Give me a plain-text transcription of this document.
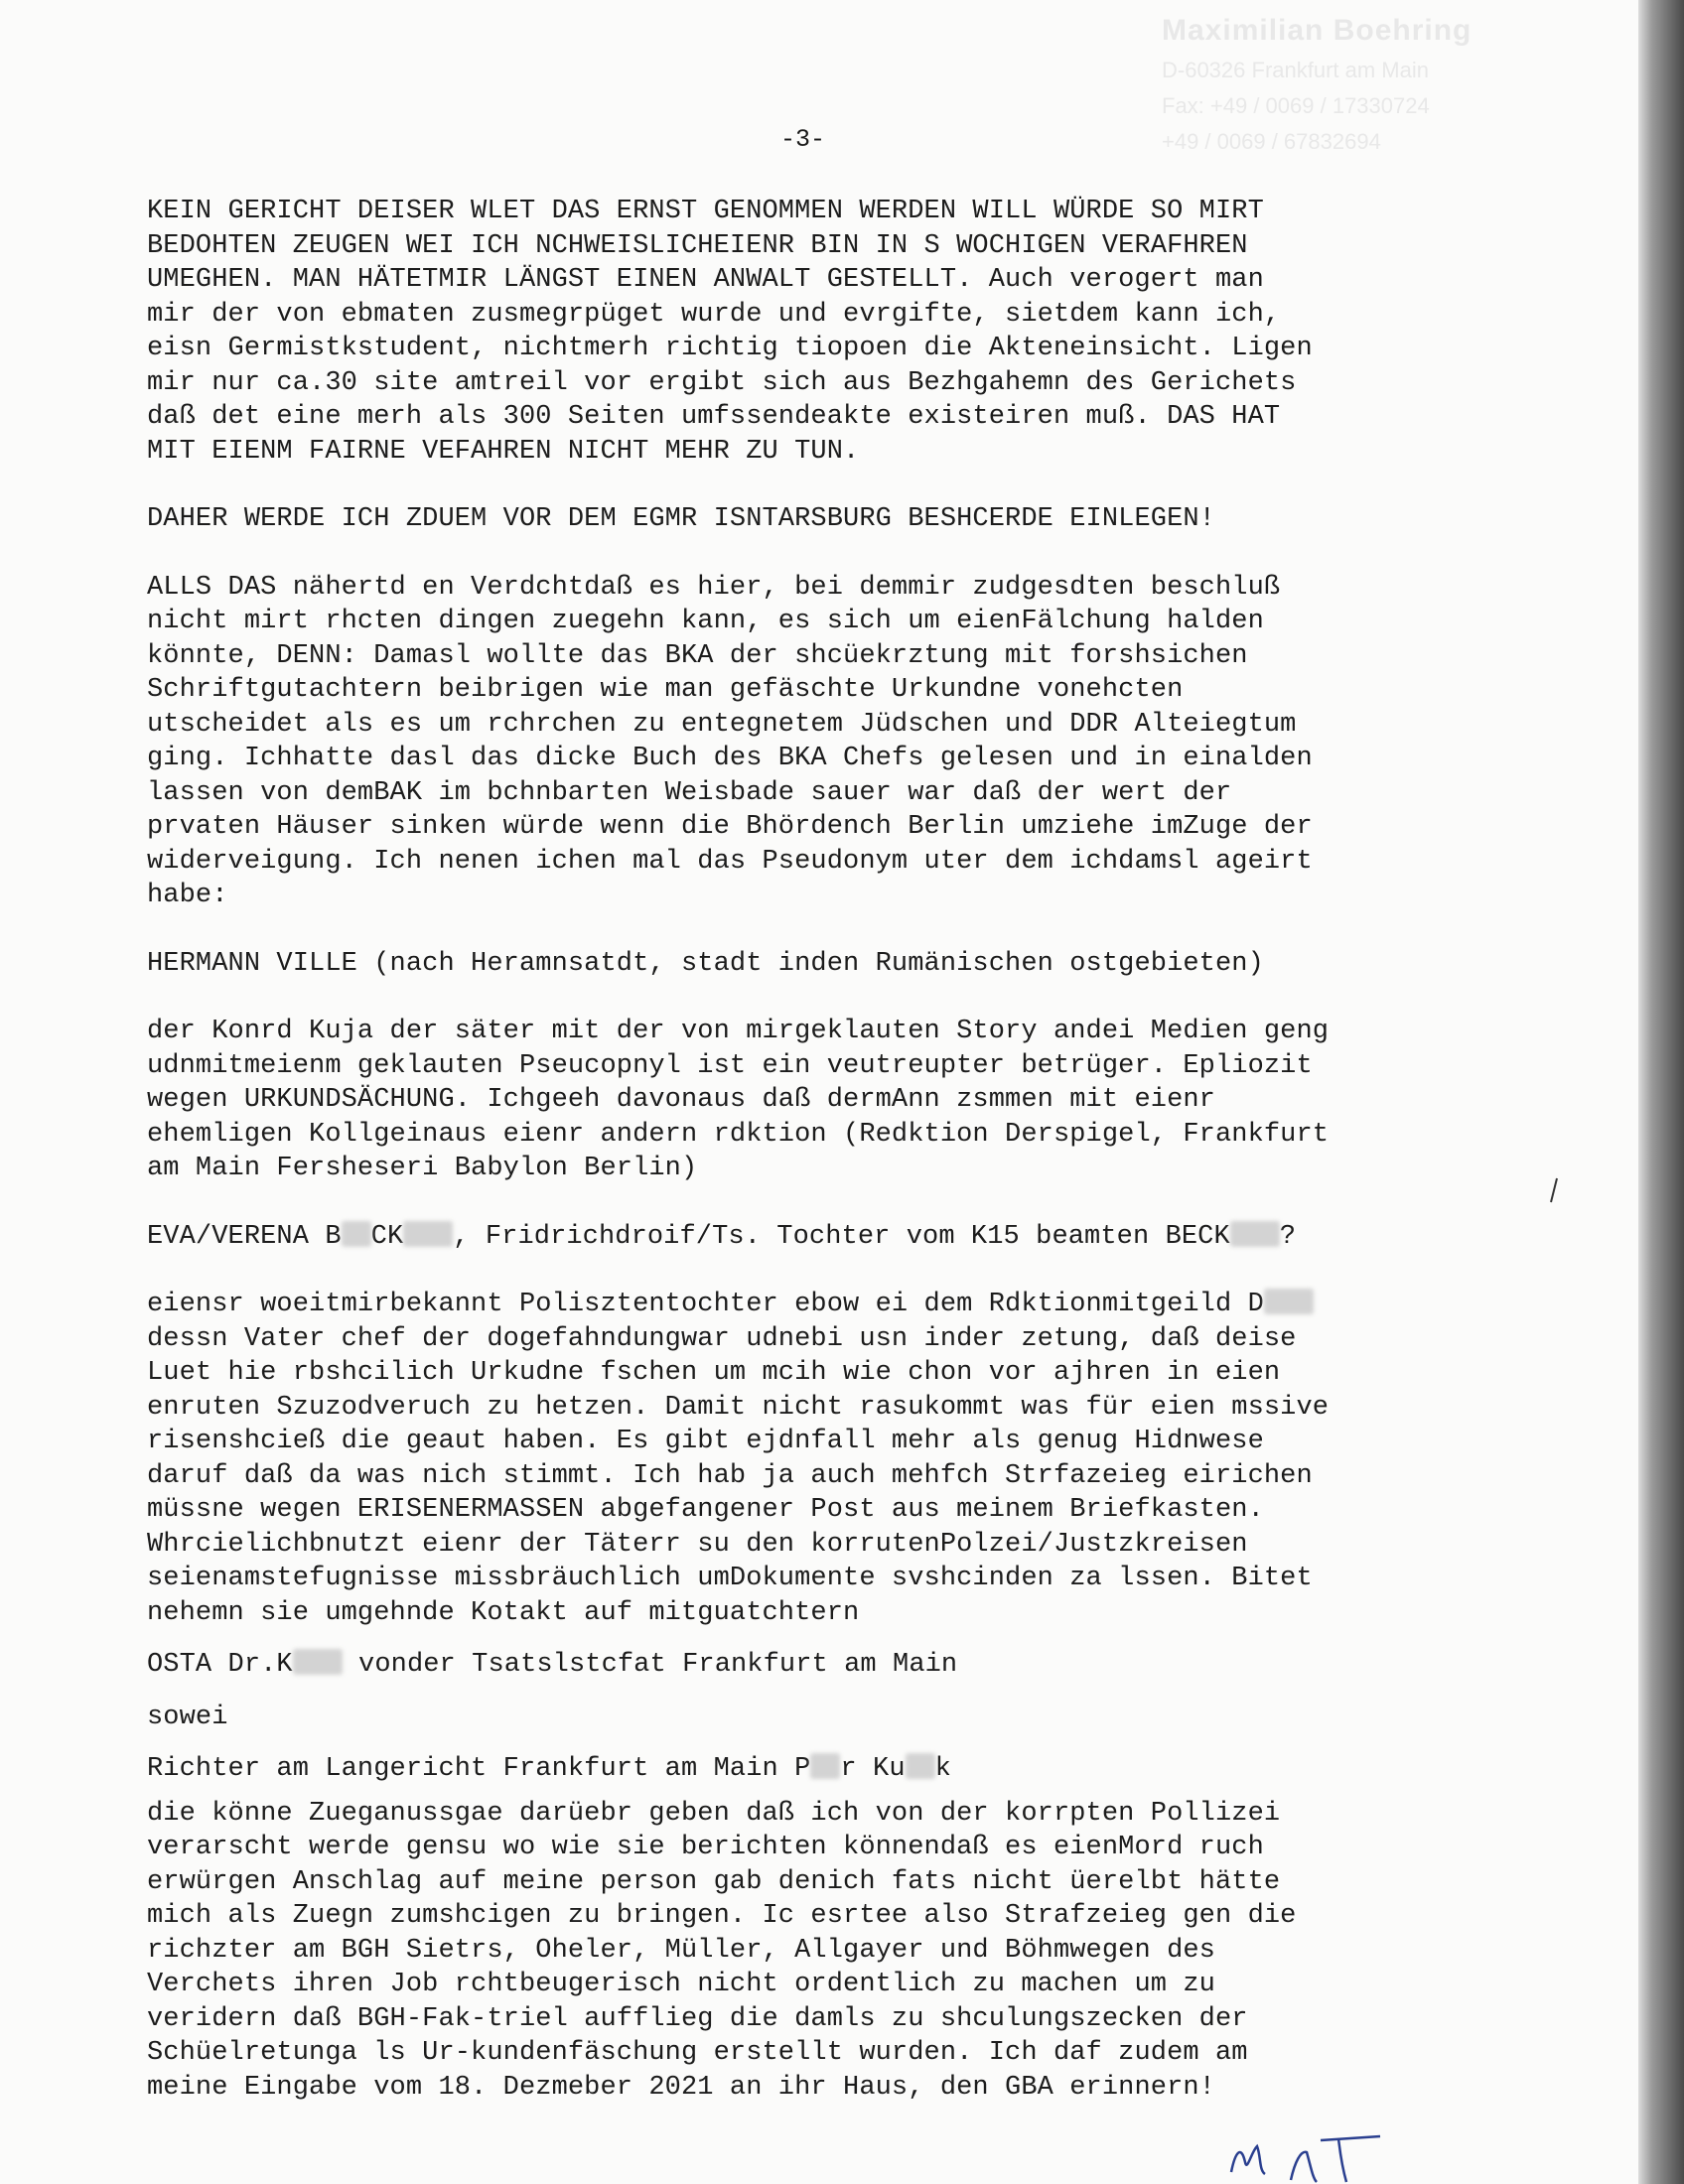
Maximilian Boehring
D-60326 Frankfurt am Main
Fax: +49 / 0069 / 17330724
+49 / 0069 / 67832694
-3-

KEIN GERICHT DEISER WLET DAS ERNST GENOMMEN WERDEN WILL WÜRDE SO MIRT

BEDOHTEN ZEUGEN WEI ICH NCHWEISLICHEIENR BIN IN S WOCHIGEN VERAFHREN

UMEGHEN. MAN HÄTETMIR LÄNGST EINEN ANWALT GESTELLT. Auch verogert man

mir der von ebmaten zusmegrpüget wurde und evrgifte, sietdem kann ich,

eisn Germistkstudent, nichtmerh richtig tiopoen die Akteneinsicht. Ligen

mir nur ca.30 site amtreil vor ergibt sich aus Bezhgahemn des Gerichets

daß det eine merh als 300 Seiten umfssendeakte existeiren muß. DAS HAT

MIT EIENM FAIRNE VEFAHREN NICHT MEHR ZU TUN.

DAHER WERDE ICH ZDUEM VOR DEM EGMR ISNTARSBURG BESHCERDE EINLEGEN!

ALLS DAS nähertd en Verdchtdaß es hier, bei demmir zudgesdten beschluß

nicht mirt rhcten dingen zuegehn kann, es sich um eienFälchung halden

könnte, DENN: Damasl wollte das BKA der shcüekrztung mit forshsichen

Schriftgutachtern beibrigen wie man gefäschte Urkundne vonehcten

utscheidet als es um rchrchen zu entegnetem Jüdschen und DDR Alteiegtum

ging. Ichhatte dasl das dicke Buch des BKA Chefs gelesen und in einalden

lassen von demBAK im bchnbarten Weisbade sauer war daß der wert der

prvaten Häuser sinken würde wenn die Bhördench Berlin umziehe imZuge der

widerveigung. Ich nenen ichen mal das Pseudonym uter dem ichdamsl ageirt

habe:

HERMANN VILLE (nach Heramnsatdt, stadt inden Rumänischen ostgebieten)

der Konrd Kuja der säter mit der von mirgeklauten Story andei Medien geng

udnmitmeienm geklauten Pseucopnyl ist ein veutreupter betrüger. Epliozit

wegen URKUNDSÄCHUNG. Ichgeeh davonaus daß dermAnn zsmmen mit eienr

ehemligen Kollgeinaus eienr andern rdktion (Redktion Derspigel, Frankfurt

am Main Fersheseri Babylon Berlin)

EVA/VERENA B CK , Fridrichdroif/Ts. Tochter vom K15 beamten BECK ?

eiensr woeitmirbekannt Polisztentochter ebow ei dem Rdktionmitgeild D

dessn Vater chef der dogefahndungwar udnebi usn inder zetung, daß deise

Luet hie rbshcilich Urkudne fschen um mcih wie chon vor ajhren in eien

enruten Szuzodveruch zu hetzen. Damit nicht rasukommt was für eien mssive

risenshcieß die geaut haben. Es gibt ejdnfall mehr als genug Hidnwese

daruf daß da was nich stimmt. Ich hab ja auch mehfch Strfazeieg eirichen

müssne wegen ERISENERMASSEN abgefangener Post aus meinem Briefkasten.

Whrcielichbnutzt eienr der Täterr su den korrutenPolzei/Justzkreisen

seienamstefugnisse missbräuchlich umDokumente svshcinden za lssen. Bitet

nehemn sie umgehnde Kotakt auf mitguatchtern

OSTA Dr.K vonder Tsatslstcfat Frankfurt am Main

sowei

Richter am Langericht Frankfurt am Main P r Ku k

die könne Zueganussgae darüebr geben daß ich von der korrpten Pollizei

verarscht werde gensu wo wie sie berichten könnendaß es eienMord ruch

erwürgen Anschlag auf meine person gab denich fats nicht üerelbt hätte

mich als Zuegn zumshcigen zu bringen. Ic esrtee also Strafzeieg gen die

richzter am BGH Sietrs, Oheler, Müller, Allgayer und Böhmwegen des

Verchets ihren Job rchtbeugerisch nicht ordentlich zu machen um zu

veridern daß BGH-Fak-triel aufflieg die damls zu shculungszecken der

Schüelretunga ls Ur-kundenfäschung erstellt wurden. Ich daf zudem am

meine Eingabe vom 18. Dezmeber 2021 an ihr Haus, den GBA erinnern!
